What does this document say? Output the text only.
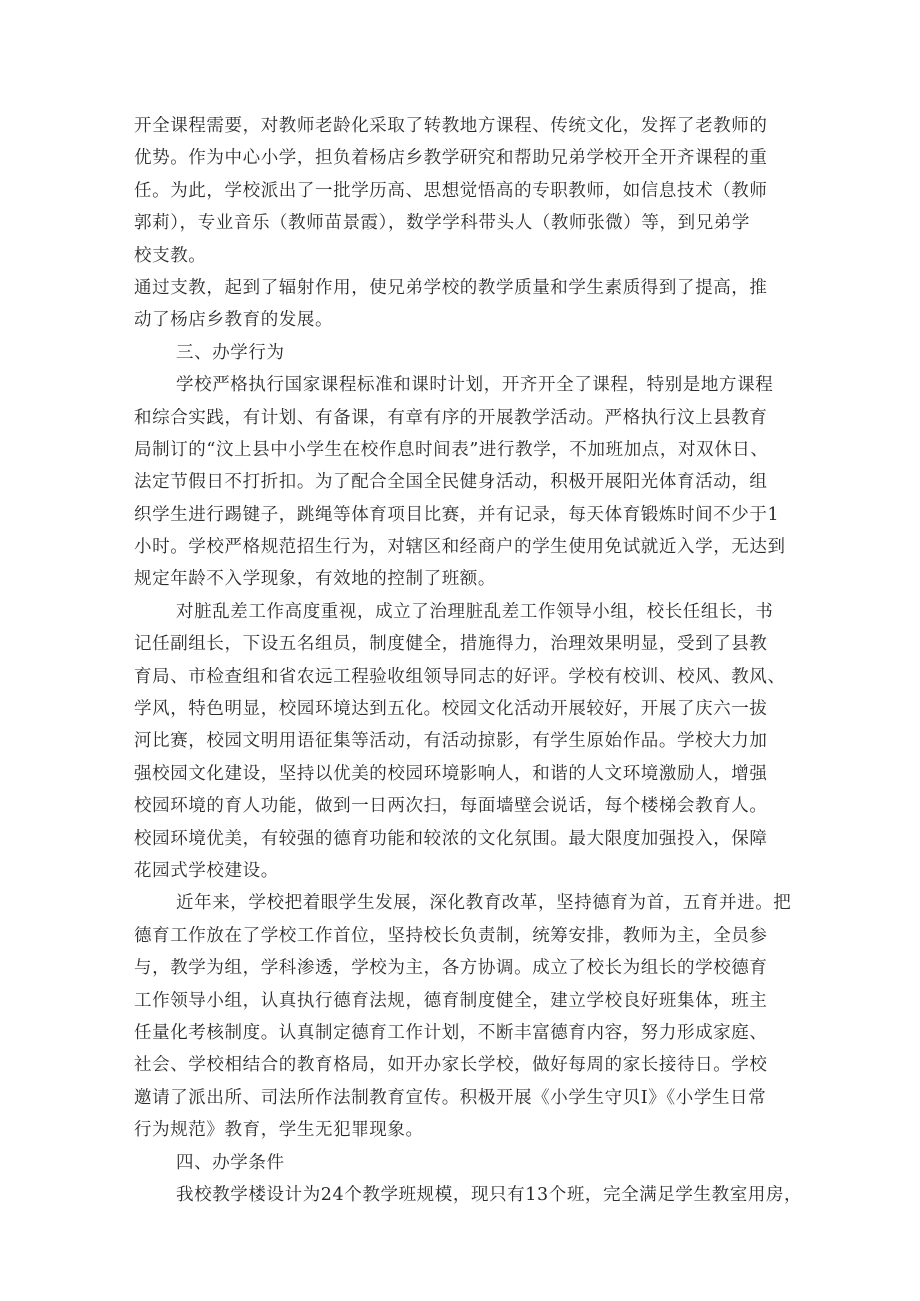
开全课程需要，对教师老龄化采取了转教地方课程、传统文化，发挥了老教师的
优势。作为中心小学，担负着杨店乡教学研究和帮助兄弟学校开全开齐课程的重
任。为此，学校派出了一批学历高、思想觉悟高的专职教师，如信息技术（教师
郭莉），专业音乐（教师苗景霞），数学学科带头人（教师张微）等，到兄弟学
校支教。
通过支教，起到了辐射作用，使兄弟学校的教学质量和学生素质得到了提高，推
动了杨店乡教育的发展。
三、办学行为
学校严格执行国家课程标准和课时计划，开齐开全了课程，特别是地方课程
和综合实践，有计划、有备课，有章有序的开展教学活动。严格执行汶上县教育
局制订的“汶上县中小学生在校作息时间表”进行教学，不加班加点，对双休日、
法定节假日不打折扣。为了配合全国全民健身活动，积极开展阳光体育活动，组
织学生进行踢键子，跳绳等体育项目比赛，并有记录，每天体育锻炼时间不少于1
小时。学校严格规范招生行为，对辖区和经商户的学生使用免试就近入学，无达到
规定年龄不入学现象，有效地的控制了班额。
对脏乱差工作高度重视，成立了治理脏乱差工作领导小组，校长任组长，书
记任副组长，下设五名组员，制度健全，措施得力，治理效果明显，受到了县教
育局、市检查组和省农远工程验收组领导同志的好评。学校有校训、校风、教风、
学风，特色明显，校园环境达到五化。校园文化活动开展较好，开展了庆六一拔
河比赛，校园文明用语征集等活动，有活动掠影，有学生原始作品。学校大力加
强校园文化建设，坚持以优美的校园环境影响人，和谐的人文环境激励人，增强
校园环境的育人功能，做到一日两次扫，每面墙壁会说话，每个楼梯会教育人。
校园环境优美，有较强的德育功能和较浓的文化氛围。最大限度加强投入，保障
花园式学校建设。
近年来，学校把着眼学生发展，深化教育改革，坚持德育为首，五育并进。把
德育工作放在了学校工作首位，坚持校长负责制，统筹安排，教师为主，全员参
与，教学为组，学科渗透，学校为主，各方协调。成立了校长为组长的学校德育
工作领导小组，认真执行德育法规，德育制度健全，建立学校良好班集体，班主
任量化考核制度。认真制定德育工作计划，不断丰富德育内容，努力形成家庭、
社会、学校相结合的教育格局，如开办家长学校，做好每周的家长接待日。学校
邀请了派出所、司法所作法制教育宣传。积极开展《小学生守贝I》《小学生日常
行为规范》教育，学生无犯罪现象。
四、办学条件
我校教学楼设计为24个教学班规模，现只有13个班，完全满足学生教室用房，
